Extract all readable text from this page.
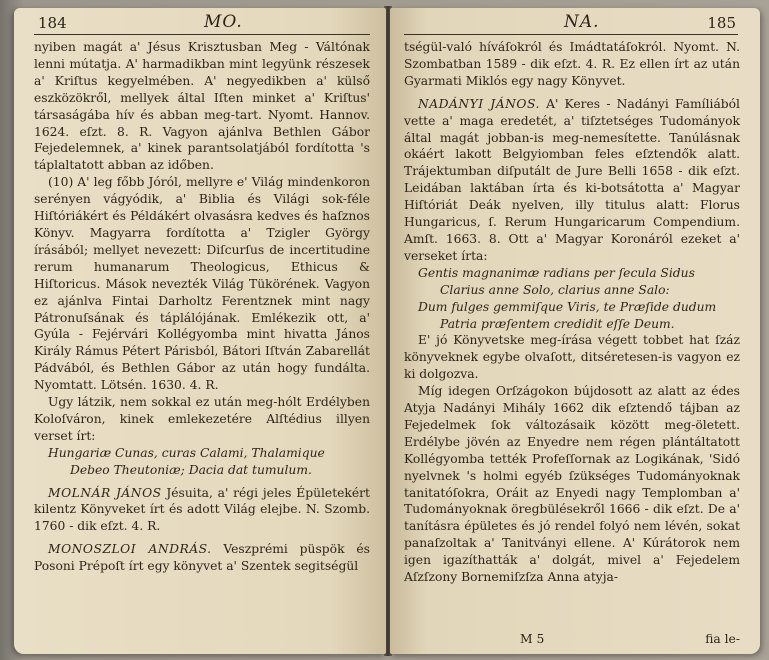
184	MO.

nyiben magát a' Jésus Krisztusban Meg - Váltónak lenni mútatja. A' harmadikban mint legyünk részesek a' Kriſtus kegyelmében. A' negyedikben a' külső eszközökről, mellyek által Iſten minket a' Kriſtus' társaságába hív és abban meg-tart. Nyomt. Hannov. 1624. eſzt. 8. R. Vagyon ajánlva Bethlen Gábor Fejedelemnek, a' kinek parantsolatjából fordította 's táplaltatott abban az időben.

(10) A' leg főbb Jóról, mellyre e' Világ mindenkoron serényen vágyódik, a' Biblia és Világi sok-féle Hiſtóriákért és Példákért olvasásra kedves és haſznos Könyv. Magyarra fordította a' Tzigler György írásából; mellyet nevezett: Diſcurſus de incertitudine rerum humanarum Theologicus, Ethicus & Hiſtoricus. Mások nevezték Világ Tükörének. Vagyon ez ajánlva Fintai Darholtz Ferentznek mint nagy Pátronuſsának és táplálójának. Emlékezik ott, a' Gyúla - Fejérvári Kollégyomba mint hivatta János Király Rámus Pétert Párisból, Bátori Iſtván Zabarellát Pádvából, és Bethlen Gábor az után hogy fundálta. Nyomtatt. Lötsén. 1630. 4. R.

Ugy látzik, nem sokkal ez után meg-hólt Erdélyben Koloſváron, kinek emlekezetére Alſtédius illyen verset írt:

Hungariæ Cunas, curas Calami, Thalamique

Debeo Theutoniæ; Dacia dat tumulum.

MOLNÁR JÁNOS Jésuita, a' régi jeles Épületekért kilentz Könyveket írt és adott Világ elejbe. N. Szomb. 1760 - dik eſzt. 4. R.

MONOSZLOI ANDRÁS. Veszprémi püspök és Posoni Prépoſt írt egy könyvet a' Szentek segitségül

NA.	185

tségül-való híváſokról és Imádtatáſokról. Nyomt. N. Szombatban 1589 - dik eſzt. 4. R. Ez ellen írt az után Gyarmati Miklós egy nagy Könyvet.

NADÁNYI JÁNOS. A' Keres - Nadányi Famíliából vette a' maga eredetét, a' tiſztetséges Tudományok által magát jobban-is meg-nemesítette. Tanúlásnak okáért lakott Belgyiomban feles eſztendők alatt. Trájektumban diſputált de Jure Belli 1658 - dik eſzt. Leidában laktában írta és ki-botsátotta a' Magyar Hiſtóriát Deák nyelven, illy titulus alatt: Florus Hungaricus, ſ. Rerum Hungaricarum Compendium. Amſt. 1663. 8. Ott a' Magyar Koronáról ezeket a' verseket írta:

Gentis magnanimæ radians per ſecula Sidus

Clarius anne Solo, clarius anne Salo:

Dum fulges gemmiſque Viris, te Præſide dudum

Patria præſentem credidit eſſe Deum.

E' jó Könyvetske meg-írása végett tobbet hat ſzáz könyveknek egybe olvaſott, ditséretesen-is vagyon ez ki dolgozva.

Míg idegen Orſzágokon bújdosott az alatt az édes Atyja Nadányi Mihály 1662 dik eſztendő tájban az Fejedelmek ſok változásaik között meg-öletett. Erdélybe jövén az Enyedre nem régen plántáltatott Kollégyomba tették Profeſſornak az Logikának, 'Sidó nyelvnek 's holmi egyéb ſzükséges Tudományoknak tanitatóſokra, Oráit az Enyedi nagy Templomban a' Tudományoknak öregbülésekről 1666 - dik eſzt. De a' tanításra épületes és jó rendel folyó nem lévén, sokat panaſzoltak a' Tanitványi ellene. A' Kúrátorok nem igen igazíthatták a' dolgát, mivel a' Fejedelem Aſzſzony Bornemiſzſza Anna atyja-

M 5	fia le-
